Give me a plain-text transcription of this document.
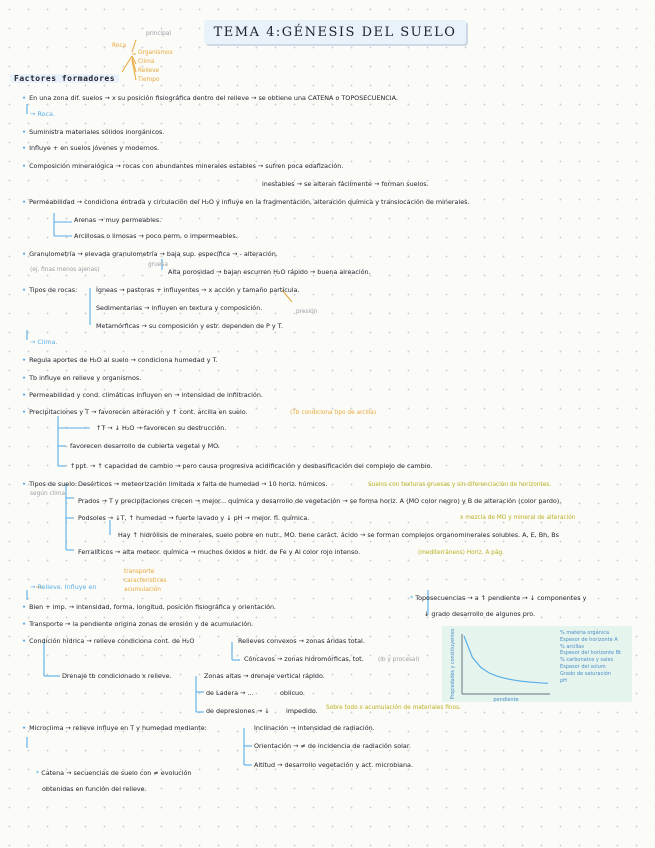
TEMA 4:GÉNESIS DEL SUELO
Factores formadores
principal
Roca
Organismos
Clima
Relieve
Tiempo
• En una zona dif. suelos → x su posición fisiográfica dentro del relieve → se obtiene una CATENA o TOPOSECUENCIA.
→ Roca.
• Suministra materiales sólidos inorgánicos.
• Influye + en suelos jóvenes y modernos.
• Composición mineralógica → rocas con abundantes minerales estables → sufren poca edafización.
inestables → se alteran fácilmente → forman suelos.
• Permeabilidad → condiciona entrada y circulación del H₂O y influye en la fragmentación, alteración química y translocación de minerales.
Arenas → muy permeables.
Arcillosas o limosas → poco perm. o impermeables.
• Granulometría → elevada granulometría → baja sup. específica → - alteración.
(ej. finas menos ajenas)
gruesa
Alta porosidad → bajan escurren H₂O rápido → buena aireación.
• Tipos de rocas:	Ígneas → pastoras + influyentes → x acción y tamaño partícula.
Sedimentarias → influyen en textura y composición.	presión
Metamórficas → su composición y estr. dependen de P y T.
→ Clima.
• Regula aportes de H₂O al suelo → condiciona humedad y T.
• Tb influye en relieve y organismos.
• Permeabilidad y cond. climáticas influyen en → intensidad de infiltración.
• Precipitaciones y T → favorecen alteración y ↑ cont. arcilla en suelo.	(Tb condiciona tipo de arcilla)
↑T → ↓ H₂O → favorecen su destrucción.
favorecen desarrollo de cubierta vegetal y MO.
↑ppt. → ↑ capacidad de cambio → pero causa progresiva acidificación y desbasificación del complejo de cambio.
• Tipos de suelo:
según clima
Desérticos → meteorización limitada x falta de humedad → 10 horiz. húmicos.	Suelos con texturas gruesas y sin diferenciación de horizontes.
Prados → T y precipitaciones crecen → mejor... química y desarrollo de vegetación → se forma horiz. A (MO color negro) y B de alteración (color pardo).
Podsoles → ↓T, ↑ humedad → fuerte lavado y ↓ pH → mejor. fl. química.	x mezcla de MO y mineral de alteración
Hay ↑ hidrólisis de minerales, suelo pobre en nutr., MO. tiene caráct. ácido → se forman complejos organominerales solubles. A, E, Bh, Bs
Ferralíticos → alta meteor. química → muchos óxidos e hidr. de Fe y Al color rojo intenso.	(mediterráneos) Horiz. A pág.
→ Relieve. Influye en
transporte
caracteristicas
acumulación
• Bien + imp. → intensidad, forma, longitud, posición fisiográfica y orientación.
• Transporte → la pendiente origina zonas de erosión y de acumulación.
• Condición hídrica → relieve condiciona cont. de H₂O	Relieves convexos → zonas áridas total.
Cóncavos → zonas hidromórficas, tot. (lb y procesal)
Drenaje tb condicionado x relieve.	Zonas altas → drenaje vertical rápido.
de Ladera → ...	oblicuo.
de depresiones → ↓	impedido. Sobre todo x acumulación de materiales finos.
• Microclima → relieve influye en T y humedad mediante:	Inclinación → intensidad de radiación.
Orientación → ≠ de incidencia de radiación solar.
Altitud → desarrollo vegetación y act. microbiana.
* Catena → secuencias de suelo con ≠ evolución
obtenidas en función del relieve.
* Toposecuencias → a ↑ pendiente → ↓ componentes y
↓ grado desarrollo de algunos pro.
pendiente
Propiedades y constituyentes	% materia orgánica
Espesor de horizonte A
% arcillas
Espesor del horizonte Bt
% carbonatos y sales
Espesor del solum
Grado de saturación
pH
